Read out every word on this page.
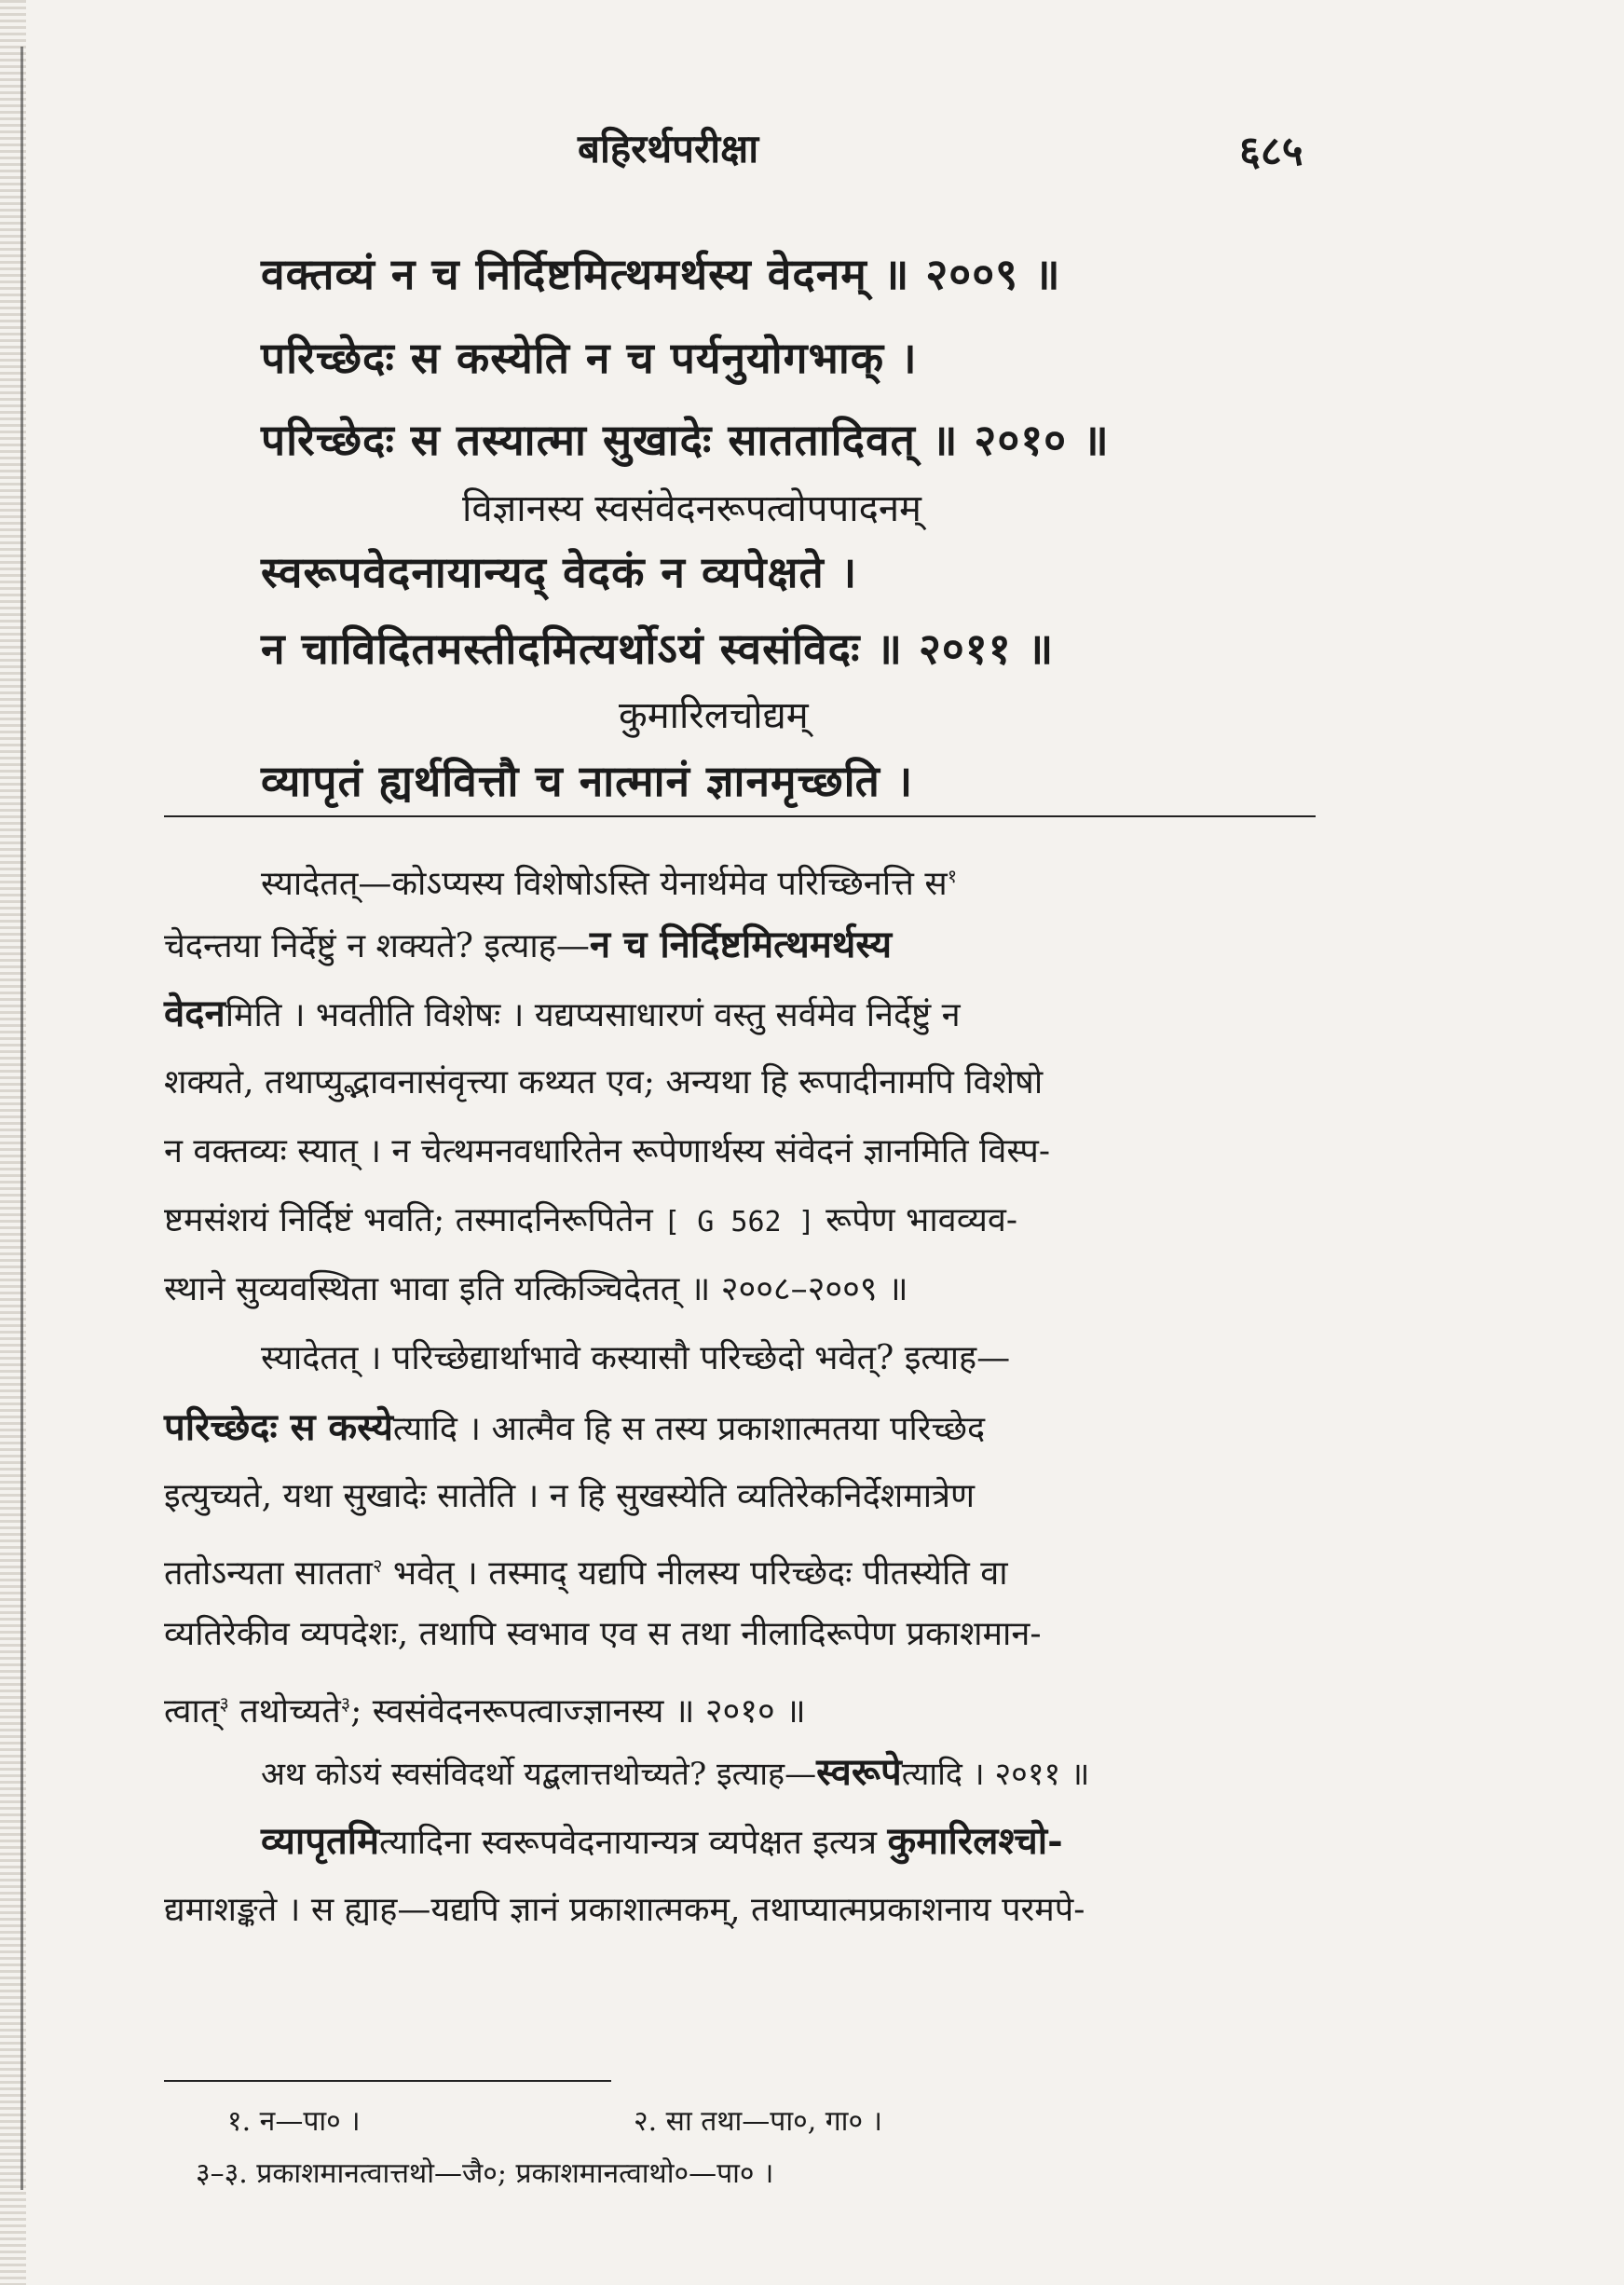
बहिरर्थपरीक्षा	६८५
वक्तव्यं न च निर्दिष्टमित्थमर्थस्य वेदनम् ॥ २००९ ॥
परिच्छेदः स कस्येति न च पर्यनुयोगभाक् ।
परिच्छेदः स तस्यात्मा सुखादेः साततादिवत् ॥ २०१० ॥
विज्ञानस्य स्वसंवेदनरूपत्वोपपादनम्
स्वरूपवेदनायान्यद् वेदकं न व्यपेक्षते ।
न चाविदितमस्तीदमित्यर्थोऽयं स्वसंविदः ॥ २०११ ॥
कुमारिलचोद्यम्
व्यापृतं ह्यर्थवित्तौ च नात्मानं ज्ञानमृच्छति ।
स्यादेतत्—कोऽप्यस्य विशेषोऽस्ति येनार्थमेव परिच्छिनत्ति स$^१$
चेदन्तया निर्देष्टुं न शक्यते? इत्याह—न च निर्दिष्टमित्थमर्थस्य
वेदनमिति । भवतीति विशेषः । यद्यप्यसाधारणं वस्तु सर्वमेव निर्देष्टुं न
शक्यते, तथाप्युद्भावनासंवृत्त्या कथ्यत एव; अन्यथा हि रूपादीनामपि विशेषो
न वक्तव्यः स्यात् । न चेत्थमनवधारितेन रूपेणार्थस्य संवेदनं ज्ञानमिति विस्प-
ष्टमसंशयं निर्दिष्टं भवति; तस्मादनिरूपितेन [ G 562 ] रूपेण भावव्यव-
स्थाने सुव्यवस्थिता भावा इति यत्किञ्चिदेतत् ॥ २००८–२००९ ॥
स्यादेतत् । परिच्छेद्यार्थाभावे कस्यासौ परिच्छेदो भवेत्? इत्याह—
परिच्छेदः स कस्येत्यादि । आत्मैव हि स तस्य प्रकाशात्मतया परिच्छेद
इत्युच्यते, यथा सुखादेः सातेति । न हि सुखस्येति व्यतिरेकनिर्देशमात्रेण
ततोऽन्यता सातता$^२$ भवेत् । तस्माद् यद्यपि नीलस्य परिच्छेदः पीतस्येति वा
व्यतिरेकीव व्यपदेशः, तथापि स्वभाव एव स तथा नीलादिरूपेण प्रकाशमान-
त्वात्$^३$ तथोच्यते$^३$; स्वसंवेदनरूपत्वाज्ज्ञानस्य ॥ २०१० ॥
अथ कोऽयं स्वसंविदर्थो यद्बलात्तथोच्यते? इत्याह—स्वरूपेत्यादि । २०११ ॥
व्यापृतमित्यादिना स्वरूपवेदनायान्यत्र व्यपेक्षत इत्यत्र कुमारिलश्चो-
द्यमाशङ्कते । स ह्याह—यद्यपि ज्ञानं प्रकाशात्मकम्, तथाप्यात्मप्रकाशनाय परमपे-
१. न—पा० ।	२. सा तथा—पा०, गा० ।
३–३. प्रकाशमानत्वात्तथो—जै०; प्रकाशमानत्वाथो०—पा० ।
